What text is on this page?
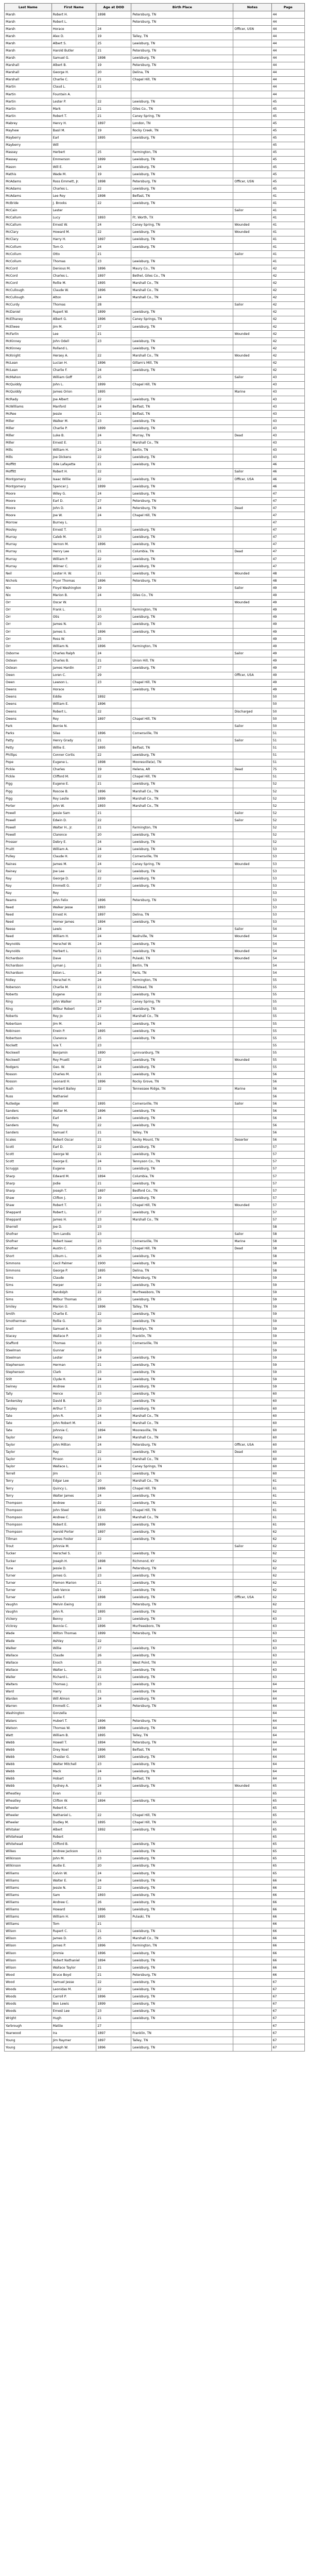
Last Name	First Name	Age at DOD	Birth Place	Notes	Page
Marsh	Robert H.	1898	Petersburg, TN		44
Marsh	Robert L.		Petersburg, TN		44
Marsh	Horace	24		Officer, USN	44
Marsh	Alex D.	19	Talley, TN		44
Marsh	Albert S.	25	Lewisburg, TN		44
Marsh	Harold Butler	21	Petersburg, TN		44
Marsh	Samuel G.	1898	Lewisburg, TN		44
Marshall	Albert B.	19	Petersburg, TN		44
Marshall	George H.	20	Delina, TN		44
Marshall	Charlie C.	21	Chapel Hill, TN		44
Martin	Claud L.	21			44
Martin	Fountain A.				44
Martin	Lester P.	22	Lewisburg, TN		45
Martin	Mark	21	Giles Co., TN		45
Martin	Robert T.	21	Caney Spring, TN		45
Mabrey	Henry H.	1897	London, TN		45
Mayhew	Basil M.	19	Rocky Creek, TN		45
Mayberry	Earl	1895	Lewisburg, TN		45
Mayberry	Will				45
Massey	Herbert	25	Farmington, TN		45
Massey	Emmerson	1899	Lewisburg, TN		45
Mason	Will E.	24	Lewisburg, TN		45
Mathis	Wade M.	19	Lewisburg, TN		45
McAdams	Ross Emmett, Jr.	1898	Petersburg, TN	Officer, USN	45
McAdams	Charles L.	22	Lewisburg, TN		45
McAdams	Lee Roy	1898	Belfast, TN		41
McBride	J. Brooks	22	Lewisburg, TN		41
McCain	Lester			Sailor	41
McCallum	Lucy	1893	Ft. Worth, TX		41
McCallum	Ernest W.	24	Caney Spring, TN	Wounded	41
McClary	Howard M.	22	Lewisburg, TN	Wounded	41
McClary	Harry H.	1897	Lewisburg, TN		41
McCollum	Tom O.	24	Lewisburg, TN		41
McCollum	Otto	21		Sailor	41
McCollum	Thomas	23	Lewisburg, TN		41
McCord	Denious M.	1896	Maury Co., TN		42
McCord	Charles L.	1897	Bethel, Giles Co., TN		42
McCord	Rollie M.	1895	Marshall Co., TN		42
McCullough	Claude W.	1896	Marshall Co., TN		42
McCullough	Alton	24	Marshall Co., TN		42
McCurdy	Thomas	28		Sailor	42
McDaniel	Rupert W.	1899	Lewisburg, TN		42
McElhaney	Albert G.	1896	Caney Springs, TN		42
McElwee	Jim M.	27	Lewisburg, TN		42
McFarlin	Lee	21		Wounded	42
McKinney	John Odell	23	Lewisburg, TN		42
McKinney	Rolland L.		Lewisburg, TN		42
McKnight	Hersey A.	22	Marshall Co., TN	Wounded	42
McLean	Lucian H.	1896	Gillam's Mill, TN		42
McLean	Charlie F.	24	Lewisburg, TN		42
McMahon	William Goff	25		Sailor	43
McQuiddy	John L.	1899	Chapel Hill, TN		43
McQuiddy	James Orion	1895		Marine	43
McRady	Joe Albert	22	Lewisburg, TN		43
McWilliams	Manford	24	Belfast, TN		43
McRee	Jessie	21	Belfast, TN		43
Miller	Walker M.	23	Lewisburg, TN		43
Miller	Charlie P.	1899	Lewisburg, TN		43
Miller	Luke B.	24	Murray, TN	Dead	43
Miller	Ernest E.	21	Marshall Co., TN		43
Mills	William H.	24	Berlin, TN		43
Mills	Joe Dickens	22	Lewisburg, TN		43
Moffitt	Ode Lafayette	21	Lewisburg, TN		46
Moffitt	Robert H.	22		Sailor	46
Montgomery	Isaac Willie	22	Lewisburg, TN	Officer, USA	46
Montgomery	Spencer J.	1899	Lewisburg, TN		46
Moore	Wiley G.	24	Lewisburg, TN		47
Moore	Earl D.	27	Petersburg, TN		47
Moore	John D.	24	Petersburg, TN	Dead	47
Moore	Joe W.	24	Chapel Hill, TN		47
Morrow	Burney L.				47
Mosley	Ernest T.	25	Lewisburg, TN		47
Murray	Caleb M.	23	Lewisburg, TN		47
Murray	Vernon M.	1896	Lewisburg, TN		47
Murray	Henry Lee	21	Columbia, TN	Dead	47
Murray	William P.	22	Lewisburg, TN		47
Murray	Wilmer C.	22	Lewisburg, TN		47
Neil	Lester H. W.	21	Lewisburg, TN	Wounded	48
Nichols	Pryor Thomas	1896	Petersburg, TN		48
Nix	Floyd Washington	19		Sailor	49
Nix	Marion B.	24	Giles Co., TN		49
Orr	Oscar W.			Wounded	49
Orr	Frank L.	21	Farmington, TN		49
Orr	Otis	20	Lewisburg, TN		49
Orr	James N.	23	Lewisburg, TN		49
Orr	James S.	1896	Lewisburg, TN		49
Orr	Ross W.	25			49
Orr	William N.	1896	Farmington, TN		49
Osborne	Charles Ralph	24		Sailor	49
Ostean	Charles B.	21	Union Hill, TN		49
Ostean	James Hardin	27	Lewisburg, TN		49
Owen	Loren C.	29		Officer, USA	49
Owen	Lawson L.	23	Chapel Hill, TN		49
Owens	Horace		Lewisburg, TN		49
Owens	Eddie	1892			50
Owens	William E.	1896			50
Owens	Robert L.	22		Discharged	50
Owens	Roy	1897	Chapel Hill, TN		50
Park	Bernie N.			Sailor	50
Parks	Silas	1896	Cornersville, TN		51
Patty	Henry Grady	21		Sailor	51
Petty	Willie E.	1895	Belfast, TN		51
Phillips	Conner Cortis	22	Lewisburg, TN		51
Pope	Eugene L.	1898	Mooresville(e), TN		51
Pickle	Charles	19	Helena, AR	Dead	75
Pickle	Clifford M.	22	Chapel Hill, TN		51
Pigg	Eugene E.	21	Lewisburg, TN		52
Pigg	Roscoe B.	1896	Marshall Co., TN		52
Pigg	Roy Leslie	1899	Marshall Co., TN		52
Porter	John W.	1893	Marshall Co., TN		52
Powell	Jessie Sam	21		Sailor	52
Powell	Edwin D.	22		Sailor	52
Powell	Walter H., Jr.	21	Farmington, TN		52
Powell	Clarence	20	Lewisburg, TN		52
Prosser	Debry E.	24	Lewisburg, TN		52
Pruitt	William A.	24	Lewisburg, TN		53
Pulley	Claude H.	22	Cornersville, TN		53
Raines	James M.	24	Caney Spring, TN	Wounded	53
Rainey	Joe Lee	22	Lewisburg, TN		53
Ray	George D.	22	Lewisburg, TN		53
Ray	Emmett G.	27	Lewisburg, TN		53
Ray	Roy				53
Reams	John Felix	1896	Petersburg, TN		53
Reed	Walker Jesse	1893			53
Reed	Ernest H.	1897	Delina, TN		53
Reed	Homer James	1894	Lewisburg, TN		53
Reese	Lewis	24		Sailor	54
Reed	William H.	24	Nashville, TN	Wounded	54
Reynolds	Herschel W.	24	Lewisburg, TN		54
Reynolds	Herbert L.	21	Lewisburg, TN	Wounded	54
Richardson	Dave	21	Pulaski, TN	Wounded	54
Richardson	Lyman J.	21	Berlin, TN		54
Richardson	Eston L.	24	Paris, TN		54
Ridley	Herschel H.	24	Farmington, TN		55
Roberson	Charlie M.	21	Hillstead, TN		55
Roberts	Eugene	22	Lewisburg, TN		55
Ring	John Walker	24	Caney Spring, TN		55
Ring	Wilbur Robert	27	Lewisburg, TN		55
Roberts	Roy Jo	21	Marshall Co., TN		55
Robertson	Jim M.	24	Lewisburg, TN		55
Robinson	Erwin P.	1895	Lewisburg, TN		55
Robertson	Clarence	25	Lewisburg, TN		55
Rockett	Ivie T.	23			55
Rockwell	Benjamin	1890	Lynnvanburg, TN		55
Rockwell	Roy Pruett	22	Lewisburg, TN	Wounded	55
Rodgers	Geo. W.	24	Lewisburg, TN		55
Rosson	Charles M.	21	Lewisburg, TN		56
Rosson	Leonard H.	1896	Rocky Grove, TN		56
Rush	Herbert Bailey	22	Tennessee Ridge, TN	Marine	56
Russ	Nathaniel				56
Rutledge	Will	1895	Cornersville, TN	Sailor	56
Sanders	Walter M.	1896	Lewisburg, TN		56
Sanders	Earl	24	Lewisburg, TN		56
Sanders	Roy	22	Lewisburg, TN		56
Sanders	Samuel F.	21	Talley, TN		56
Scales	Robert Oscar	21	Rocky Mount, TN	Deserter	56
Scott	Earl D.	22	Lewisburg, TN		57
Scott	George W.	21	Lewisburg, TN		57
Scott	George E.	24	Tennyson Co., TN		57
Scruggs	Eugene	21	Lewisburg, TN		57
Sharp	Edward M.	1894	Columbia, TN		57
Sharp	Jodie	21	Lewisburg, TN		57
Sharp	Joseph T.	1897	Bedford Co., TN		57
Shaw	Clifton J.	19	Lewisburg, TN		57
Shaw	Robert T.	21	Chapel Hill, TN	Wounded	57
Sheppard	Robert L.	27	Lewisburg, TN		57
Sheppard	James H.	23	Marshall Co., TN		57
Sherrell	Joe D.	23			58
Shofner	Tom Landis	23		Sailor	58
Shofner	Robert Isaac	23	Cornersville, TN	Marine	58
Shofner	Austin C.	25	Chapel Hill, TN	Dead	58
Short	Lilburn L.	26	Lewisburg, TN		58
Simmons	Cecil Palmer	1900	Lewisburg, TN		58
Simmons	George P.	1895	Delina, TN		58
Sims	Claude	24	Petersburg, TN		59
Sims	Harper	22	Lewisburg, TN		59
Sims	Randolph	22	Murfreesboro, TN		59
Sims	Wilbur Thomas	25	Lewisburg, TN		59
Smiley	Marion O.	1896	Talley, TN		59
Smith	Charlie E.	22	Lewisburg, TN		59
Smotherman	Rollie G.	20	Lewisburg, TN		59
Snell	Samuel A.	26	Brooklyn, TN		59
Stacey	Wallace P.	23	Franklin, TN		59
Stafford	Thomas	23	Cornersville, TN		59
Steelman	Gunnar	19			59
Steelman	Lester	24	Lewisburg, TN		59
Stephenson	Herman	21	Lewisburg, TN		59
Stephenson	Clark	23	Lewisburg, TN		59
Stilt	Clyde H.	24	Lewisburg, TN		59
Swiney	Andrew	21	Lewisburg, TN		59
Tally	Hence	23	Lewisburg, TN		60
Tankersley	David B.	20	Lewisburg, TN		60
Tarpley	Arthur T.	23	Lewisburg, TN		60
Tate	John R.	24	Marshall Co., TN		60
Tate	John Robert M.	24	Marshall Co., TN		60
Tate	Johnnie C.	1894	Mooresville, TN		60
Taylor	Ewing	24	Marshall Co., TN		60
Taylor	John Milton	24	Petersburg, TN	Officer, USA	60
Taylor	Ray	22	Lewisburg, TN	Dead	60
Taylor	Pinson	21	Marshall Co., TN		60
Taylor	Wallace L.	24	Caney Springs, TN		60
Terrell	Jim	21	Lewisburg, TN		60
Terry	Edgar Lee	20	Marshall Co., TN		61
Terry	Quincy L.	1896	Chapel Hill, TN		61
Terry	Walter James	24	Lewisburg, TN		61
Thompson	Andrew	22	Lewisburg, TN		61
Thompson	John Steel	1896	Chapel Hill, TN		61
Thompson	Andrew C.	21	Marshall Co., TN		61
Thompson	Robert E.	1899	Lewisburg, TN		61
Thompson	Harold Porter	1897	Lewisburg, TN		62
Tillman	James Foster	22	Lewisburg, TN		62
Trout	Johnnie M.			Sailor	62
Tucker	Herschel S.	23	Lewisburg, TN		62
Tucker	Joseph H.	1898	Richmond, KY		62
Tune	Jessie D.	24	Petersburg, TN		62
Turner	James G.	23	Lewisburg, TN		62
Turner	Flemon Marion	21	Lewisburg, TN		62
Turner	Deb Vance	21	Lewisburg, TN		62
Turner	Leslie F.	1898	Lewisburg, TN	Officer, USA	62
Vaughn	Melvin Ewing	22	Petersburg, TN		62
Vaughn	John R.	1895	Lewisburg, TN		62
Vickery	Benny	23	Lewisburg, TN		63
Vickrey	Bennie C.	1896	Murfreesboro, TN		63
Wade	Wilton Thomas	1899	Petersburg, TN		63
Wade	Ashley	22			63
Walker	Willie	27	Lewisburg, TN		63
Wallace	Claude	26	Lewisburg, TN		63
Wallace	Enoch	25	West Point, TN		63
Wallace	Walter L.	25	Lewisburg, TN		63
Waller	Richard L.	21	Lewisburg, TN		63
Walters	Thomas J.	23	Lewisburg, TN		64
Ward	Harry	21	Lewisburg, TN		64
Warden	Will Almon	24	Lewisburg, TN		64
Warren	Emmett C.	24	Petersburg, TN		64
Washington	Gonzella				64
Waters	Hubert T.	1896	Petersburg, TN		64
Watson	Thomas W.	1898	Lewisburg, TN		64
Watt	William B.	1895	Talley, TN		64
Webb	Howell T.	1894	Petersburg, TN		64
Webb	Drey Noel	1896	Belfast, TN		64
Webb	Chester G.	1895	Lewisburg, TN		64
Webb	Walter Mitchell	23	Lewisburg, TN		64
Webb	Mack	24	Lewisburg, TN		64
Webb	Hobart	21	Belfast, TN		64
Webb	Sydney A.	24	Lewisburg, TN	Wounded	65
Wheatley	Evan	22			65
Wheatley	Clifton W.	1894	Lewisburg, TN		65
Wheeler	Robert K.				65
Wheeler	Nathaniel L.	22	Chapel Hill, TN		65
Wheeler	Dudley M.	1895	Chapel Hill, TN		65
Whitaker	Albert	1892	Lewisburg, TN		65
Whitehead	Robert				65
Whitehead	Clifford B.		Lewisburg, TN		65
Wilkes	Andrew Jackson	21	Lewisburg, TN		65
Wilkinson	John M.	23	Lewisburg, TN		65
Wilkinson	Audie E.	20	Lewisburg, TN		65
Williams	Calvin W.	24	Lewisburg, TN		65
Williams	Walter E.	24	Lewisburg, TN		66
Williams	Jessie N.	22	Lewisburg, TN		66
Williams	Sam	1893	Lewisburg, TN		66
Williams	Andrew C.	26	Lewisburg, TN		66
Williams	Howard	1896	Lewisburg, TN		66
Williams	William H.	1895	Pulaski, TN		66
Williams	Tom	21			66
Wilson	Rupert C.	21	Lewisburg, TN		66
Wilson	James D.	25	Marshall Co., TN		66
Wilson	James P.	1896	Farmington, TN		66
Wilson	Jimmie	1896	Lewisburg, TN		66
Wilson	Robert Nathaniel	1894	Lewisburg, TN		66
Wilson	Wallace Taylor	21	Lewisburg, TN		66
Wood	Bruce Boyd	21	Petersburg, TN		66
Wood	Samuel Jesse	22	Lewisburg, TN		67
Woods	Leonidas M.	22	Lewisburg, TN		67
Woods	Carroll P.	1896	Lewisburg, TN		67
Woods	Ben Lewis	1899	Lewisburg, TN		67
Woods	Ernest Lee	23	Lewisburg, TN		67
Wright	Hugh	21	Lewisburg, TN		67
Yarbrough	Mattie	27			67
Yearwood	Ira	1897	Franklin, TN		67
Young	Jim Raymer	1897	Talley, TN		67
Young	Joseph W.	1896	Lewisburg, TN		67
